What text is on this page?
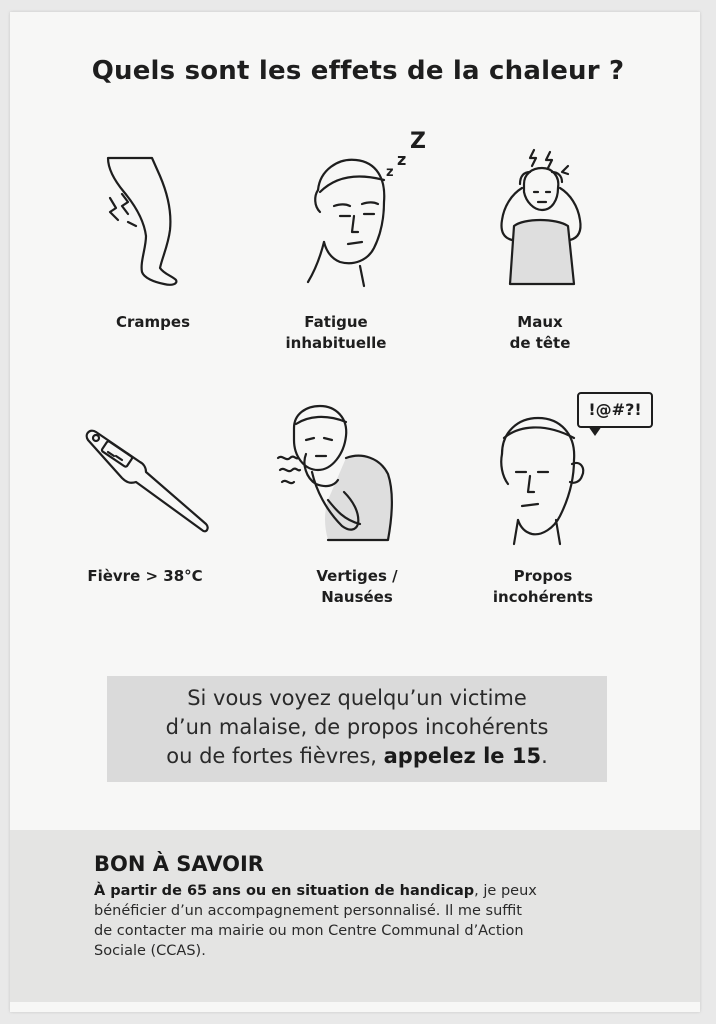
Quels sont les effets de la chaleur ?
z
z
Z
!@#?!
Crampes	Fatigue
inhabituelle
Maux
de tête
Fièvre > 38°C	Vertiges /
Nausées
Propos
incohérents
Si vous voyez quelqu’un victime
d’un malaise, de propos incohérents
ou de fortes fièvres, appelez le 15.
BON À SAVOIR
À partir de 65 ans ou en situation de handicap, je peux
bénéficier d’un accompagnement personnalisé. Il me suffit
de contacter ma mairie ou mon Centre Communal d’Action
Sociale (CCAS).
